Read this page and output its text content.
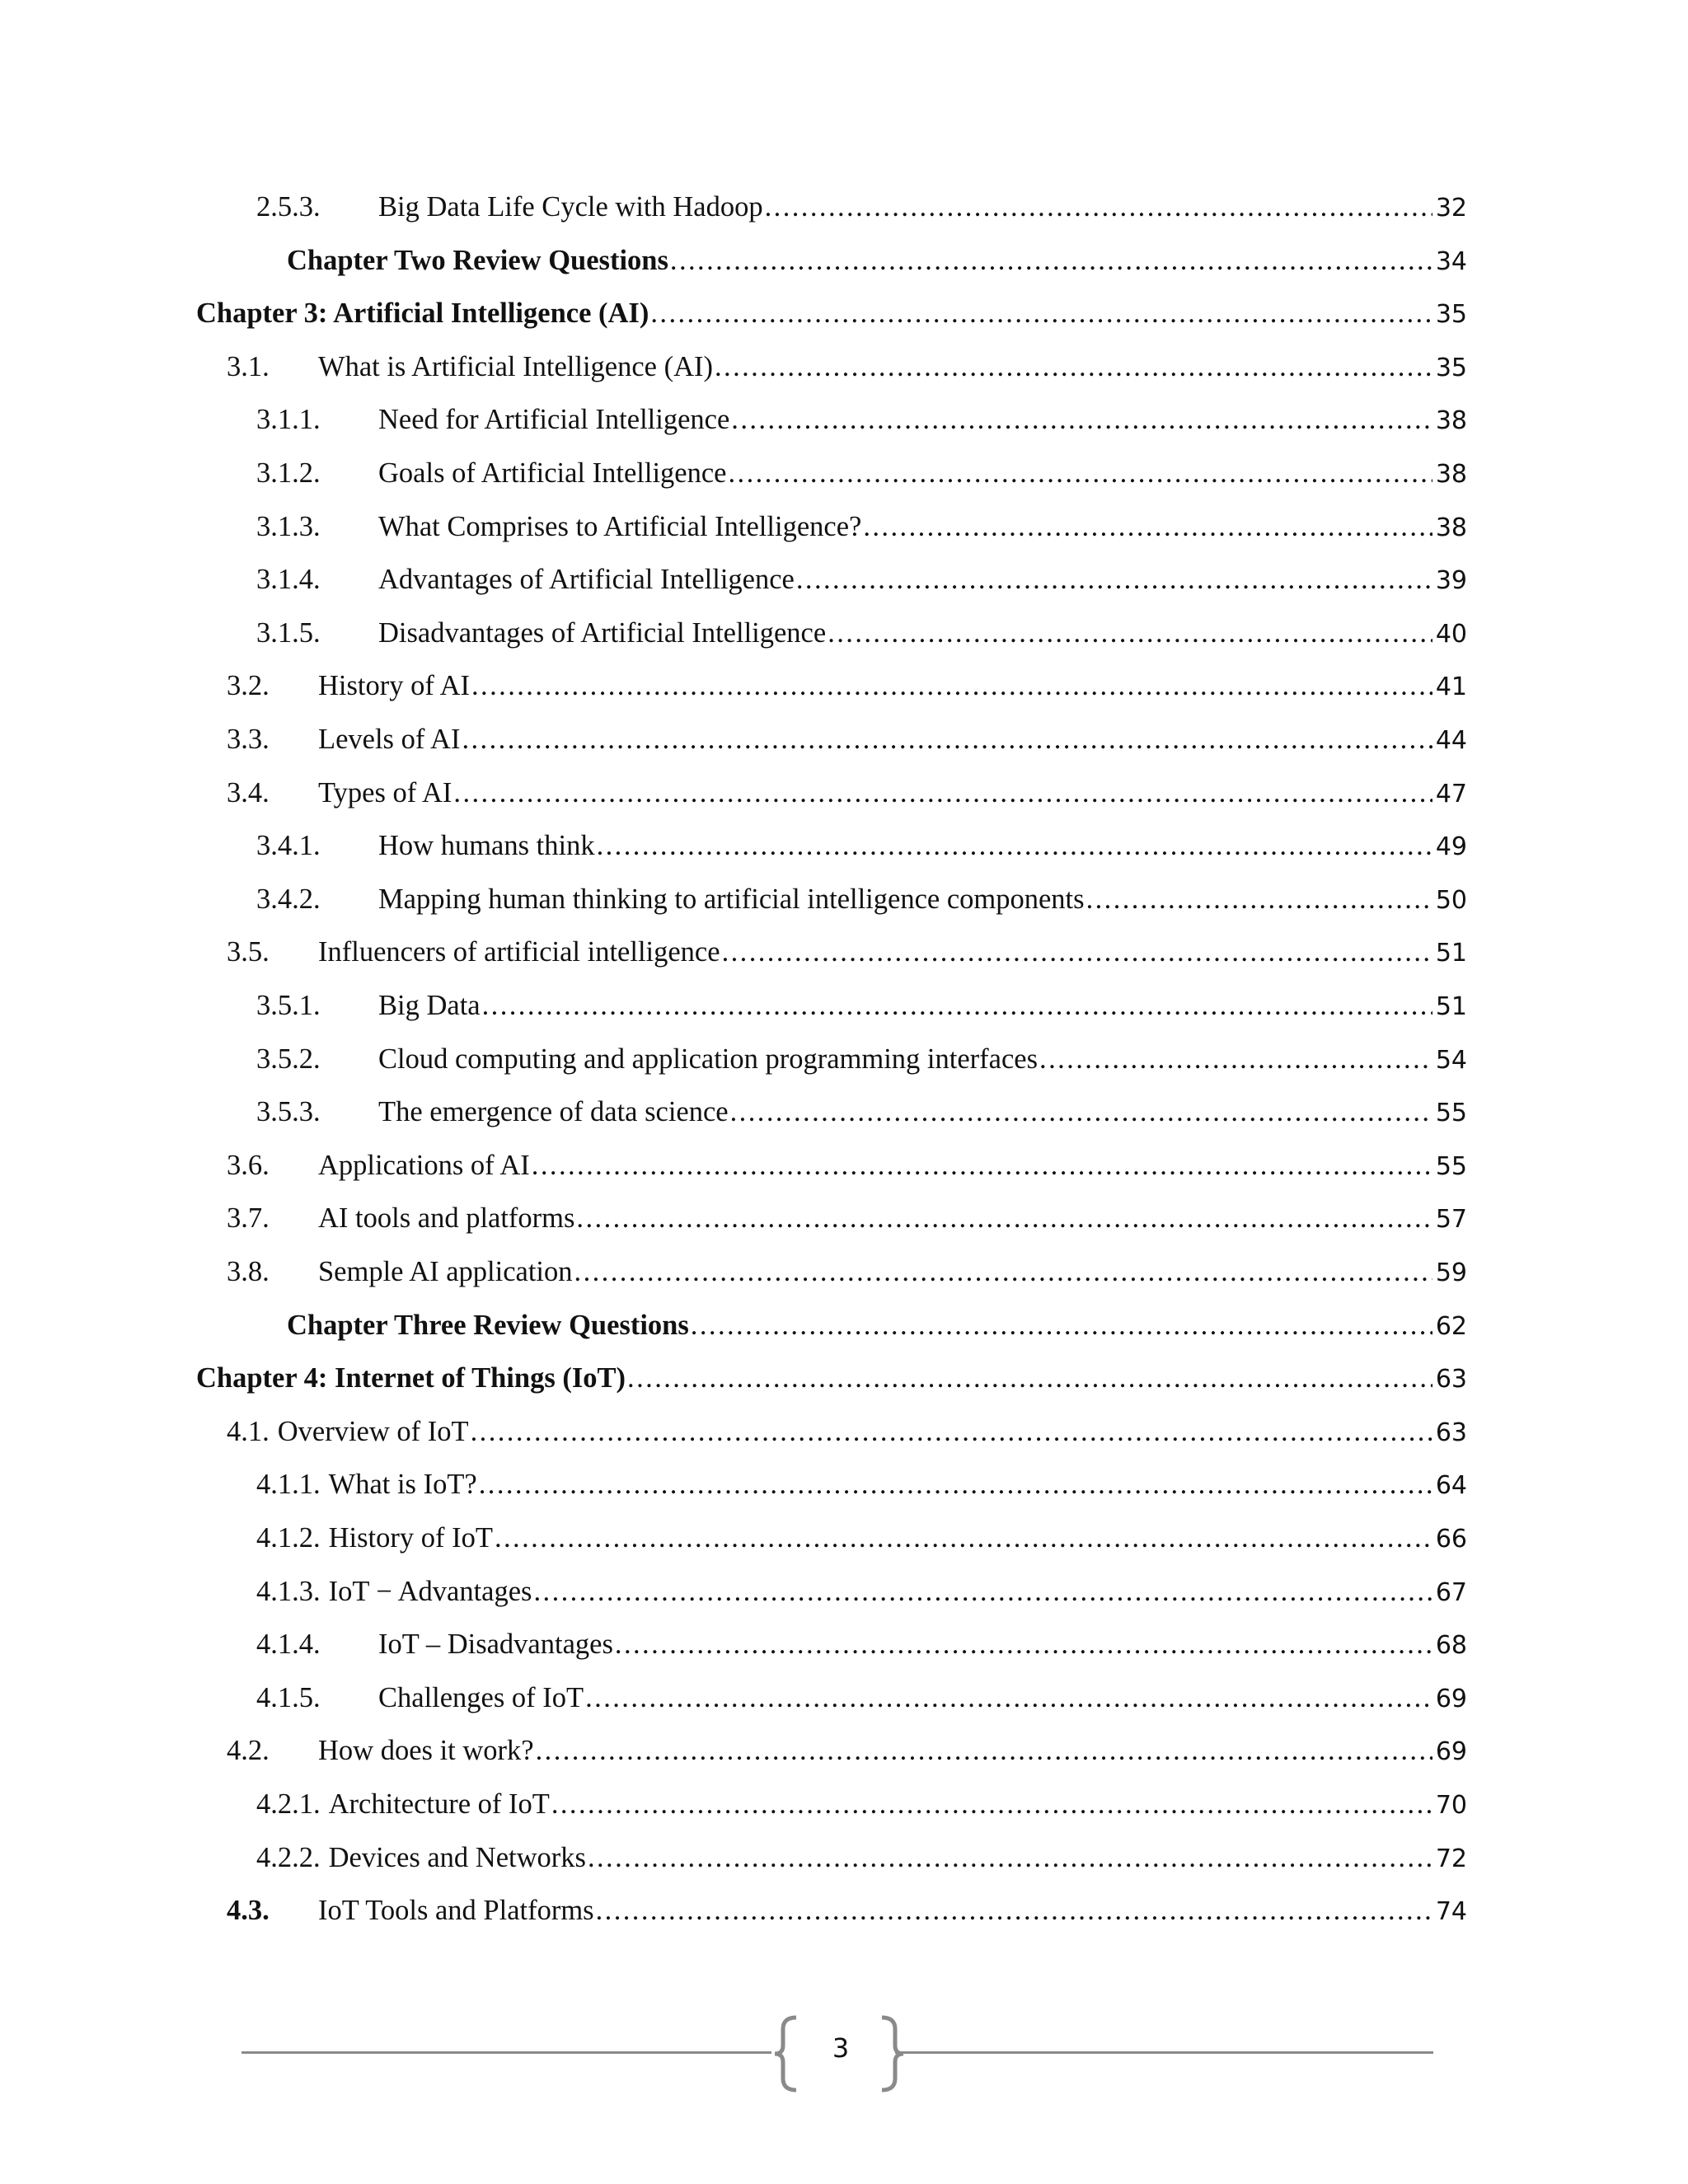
2.5.3.	Big Data Life Cycle with Hadoop . . .	32
Chapter Two Review Questions . . .	34
Chapter 3: Artificial Intelligence (AI) . . .	35
3.1.	What is Artificial Intelligence (AI) . . .	35
3.1.1.	Need for Artificial Intelligence . . .	38
3.1.2.	Goals of Artificial Intelligence . . .	38
3.1.3.	What Comprises to Artificial Intelligence? . . .	38
3.1.4.	Advantages of Artificial Intelligence . . .	39
3.1.5.	Disadvantages of Artificial Intelligence . . .	40
3.2.	History of AI . . .	41
3.3.	Levels of AI . . .	44
3.4.	Types of AI . . .	47
3.4.1.	How humans think . . .	49
3.4.2.	Mapping human thinking to artificial intelligence components . . .	50
3.5.	Influencers of artificial intelligence . . .	51
3.5.1.	Big Data . . .	51
3.5.2.	Cloud computing and application programming interfaces . . .	54
3.5.3.	The emergence of data science . . .	55
3.6.	Applications of AI . . .	55
3.7.	AI tools and platforms . . .	57
3.8.	Semple AI application . . .	59
Chapter Three Review Questions . . .	62
Chapter 4: Internet of Things (IoT) . . .	63
4.1. Overview of IoT . . .	63
4.1.1. What is IoT? . . .	64
4.1.2. History of IoT . . .	66
4.1.3. IoT − Advantages . . .	67
4.1.4.	IoT – Disadvantages . . .	68
4.1.5.	Challenges of IoT . . .	69
4.2.	How does it work? . . .	69
4.2.1. Architecture of IoT . . .	70
4.2.2. Devices and Networks . . .	72
4.3.	IoT Tools and Platforms . . .	74
3
